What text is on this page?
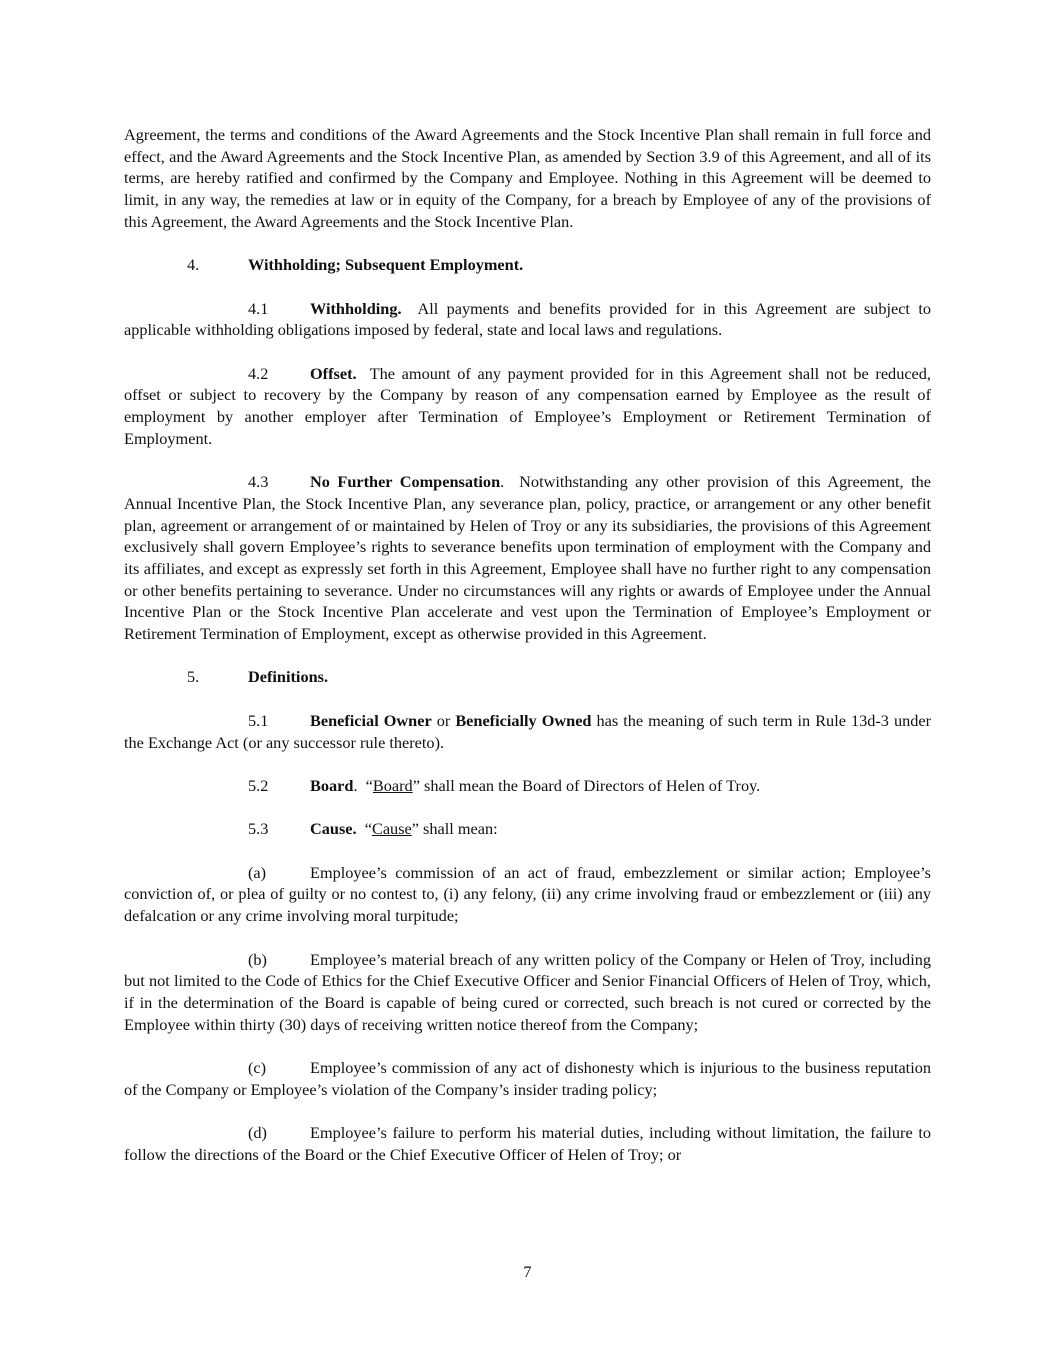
Agreement, the terms and conditions of the Award Agreements and the Stock Incentive Plan shall remain in full force and effect, and the Award Agreements and the Stock Incentive Plan, as amended by Section 3.9 of this Agreement, and all of its terms, are hereby ratified and confirmed by the Company and Employee. Nothing in this Agreement will be deemed to limit, in any way, the remedies at law or in equity of the Company, for a breach by Employee of any of the provisions of this Agreement, the Award Agreements and the Stock Incentive Plan.

4.	Withholding; Subsequent Employment.

4.1	Withholding. All payments and benefits provided for in this Agreement are subject to applicable withholding obligations imposed by federal, state and local laws and regulations.

4.2	Offset. The amount of any payment provided for in this Agreement shall not be reduced, offset or subject to recovery by the Company by reason of any compensation earned by Employee as the result of employment by another employer after Termination of Employee’s Employment or Retirement Termination of Employment.

4.3	No Further Compensation. Notwithstanding any other provision of this Agreement, the Annual Incentive Plan, the Stock Incentive Plan, any severance plan, policy, practice, or arrangement or any other benefit plan, agreement or arrangement of or maintained by Helen of Troy or any its subsidiaries, the provisions of this Agreement exclusively shall govern Employee’s rights to severance benefits upon termination of employment with the Company and its affiliates, and except as expressly set forth in this Agreement, Employee shall have no further right to any compensation or other benefits pertaining to severance. Under no circumstances will any rights or awards of Employee under the Annual Incentive Plan or the Stock Incentive Plan accelerate and vest upon the Termination of Employee’s Employment or Retirement Termination of Employment, except as otherwise provided in this Agreement.

5.	Definitions.

5.1	Beneficial Owner or Beneficially Owned has the meaning of such term in Rule 13d-3 under the Exchange Act (or any successor rule thereto).

5.2	Board. “Board” shall mean the Board of Directors of Helen of Troy.

5.3	Cause. “Cause” shall mean:

(a)	Employee’s commission of an act of fraud, embezzlement or similar action; Employee’s conviction of, or plea of guilty or no contest to, (i) any felony, (ii) any crime involving fraud or embezzlement or (iii) any defalcation or any crime involving moral turpitude;

(b)	Employee’s material breach of any written policy of the Company or Helen of Troy, including but not limited to the Code of Ethics for the Chief Executive Officer and Senior Financial Officers of Helen of Troy, which, if in the determination of the Board is capable of being cured or corrected, such breach is not cured or corrected by the Employee within thirty (30) days of receiving written notice thereof from the Company;

(c)	Employee’s commission of any act of dishonesty which is injurious to the business reputation of the Company or Employee’s violation of the Company’s insider trading policy;

(d)	Employee’s failure to perform his material duties, including without limitation, the failure to follow the directions of the Board or the Chief Executive Officer of Helen of Troy; or

7
